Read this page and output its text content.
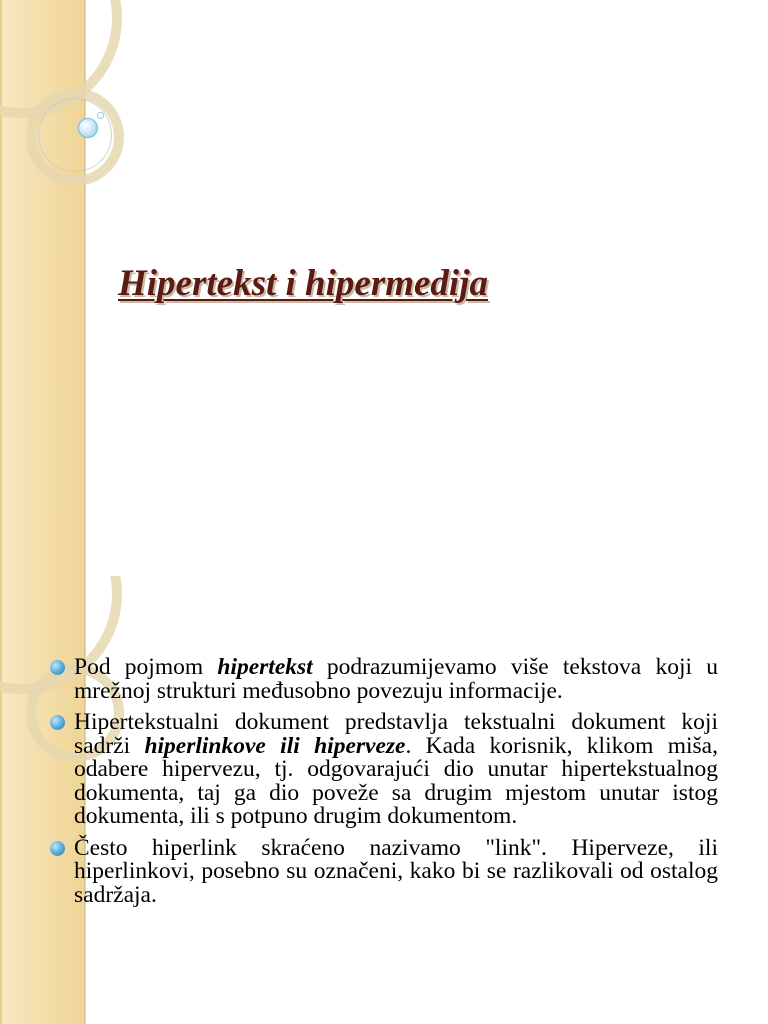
Hipertekst i hipermedija
Pod pojmom hipertekst podrazumijevamo više tekstova koji u mrežnoj strukturi međusobno povezuju informacije.
Hipertekstualni dokument predstavlja tekstualni dokument koji sadrži hiperlinkove ili hiperveze. Kada korisnik, klikom miša, odabere hipervezu, tj. odgovarajući dio unutar hipertekstualnog dokumenta, taj ga dio poveže sa drugim mjestom unutar istog dokumenta, ili s potpuno drugim dokumentom.
Često hiperlink skraćeno nazivamo "link". Hiperveze, ili hiperlinkovi, posebno su označeni, kako bi se razlikovali od ostalog sadržaja.
